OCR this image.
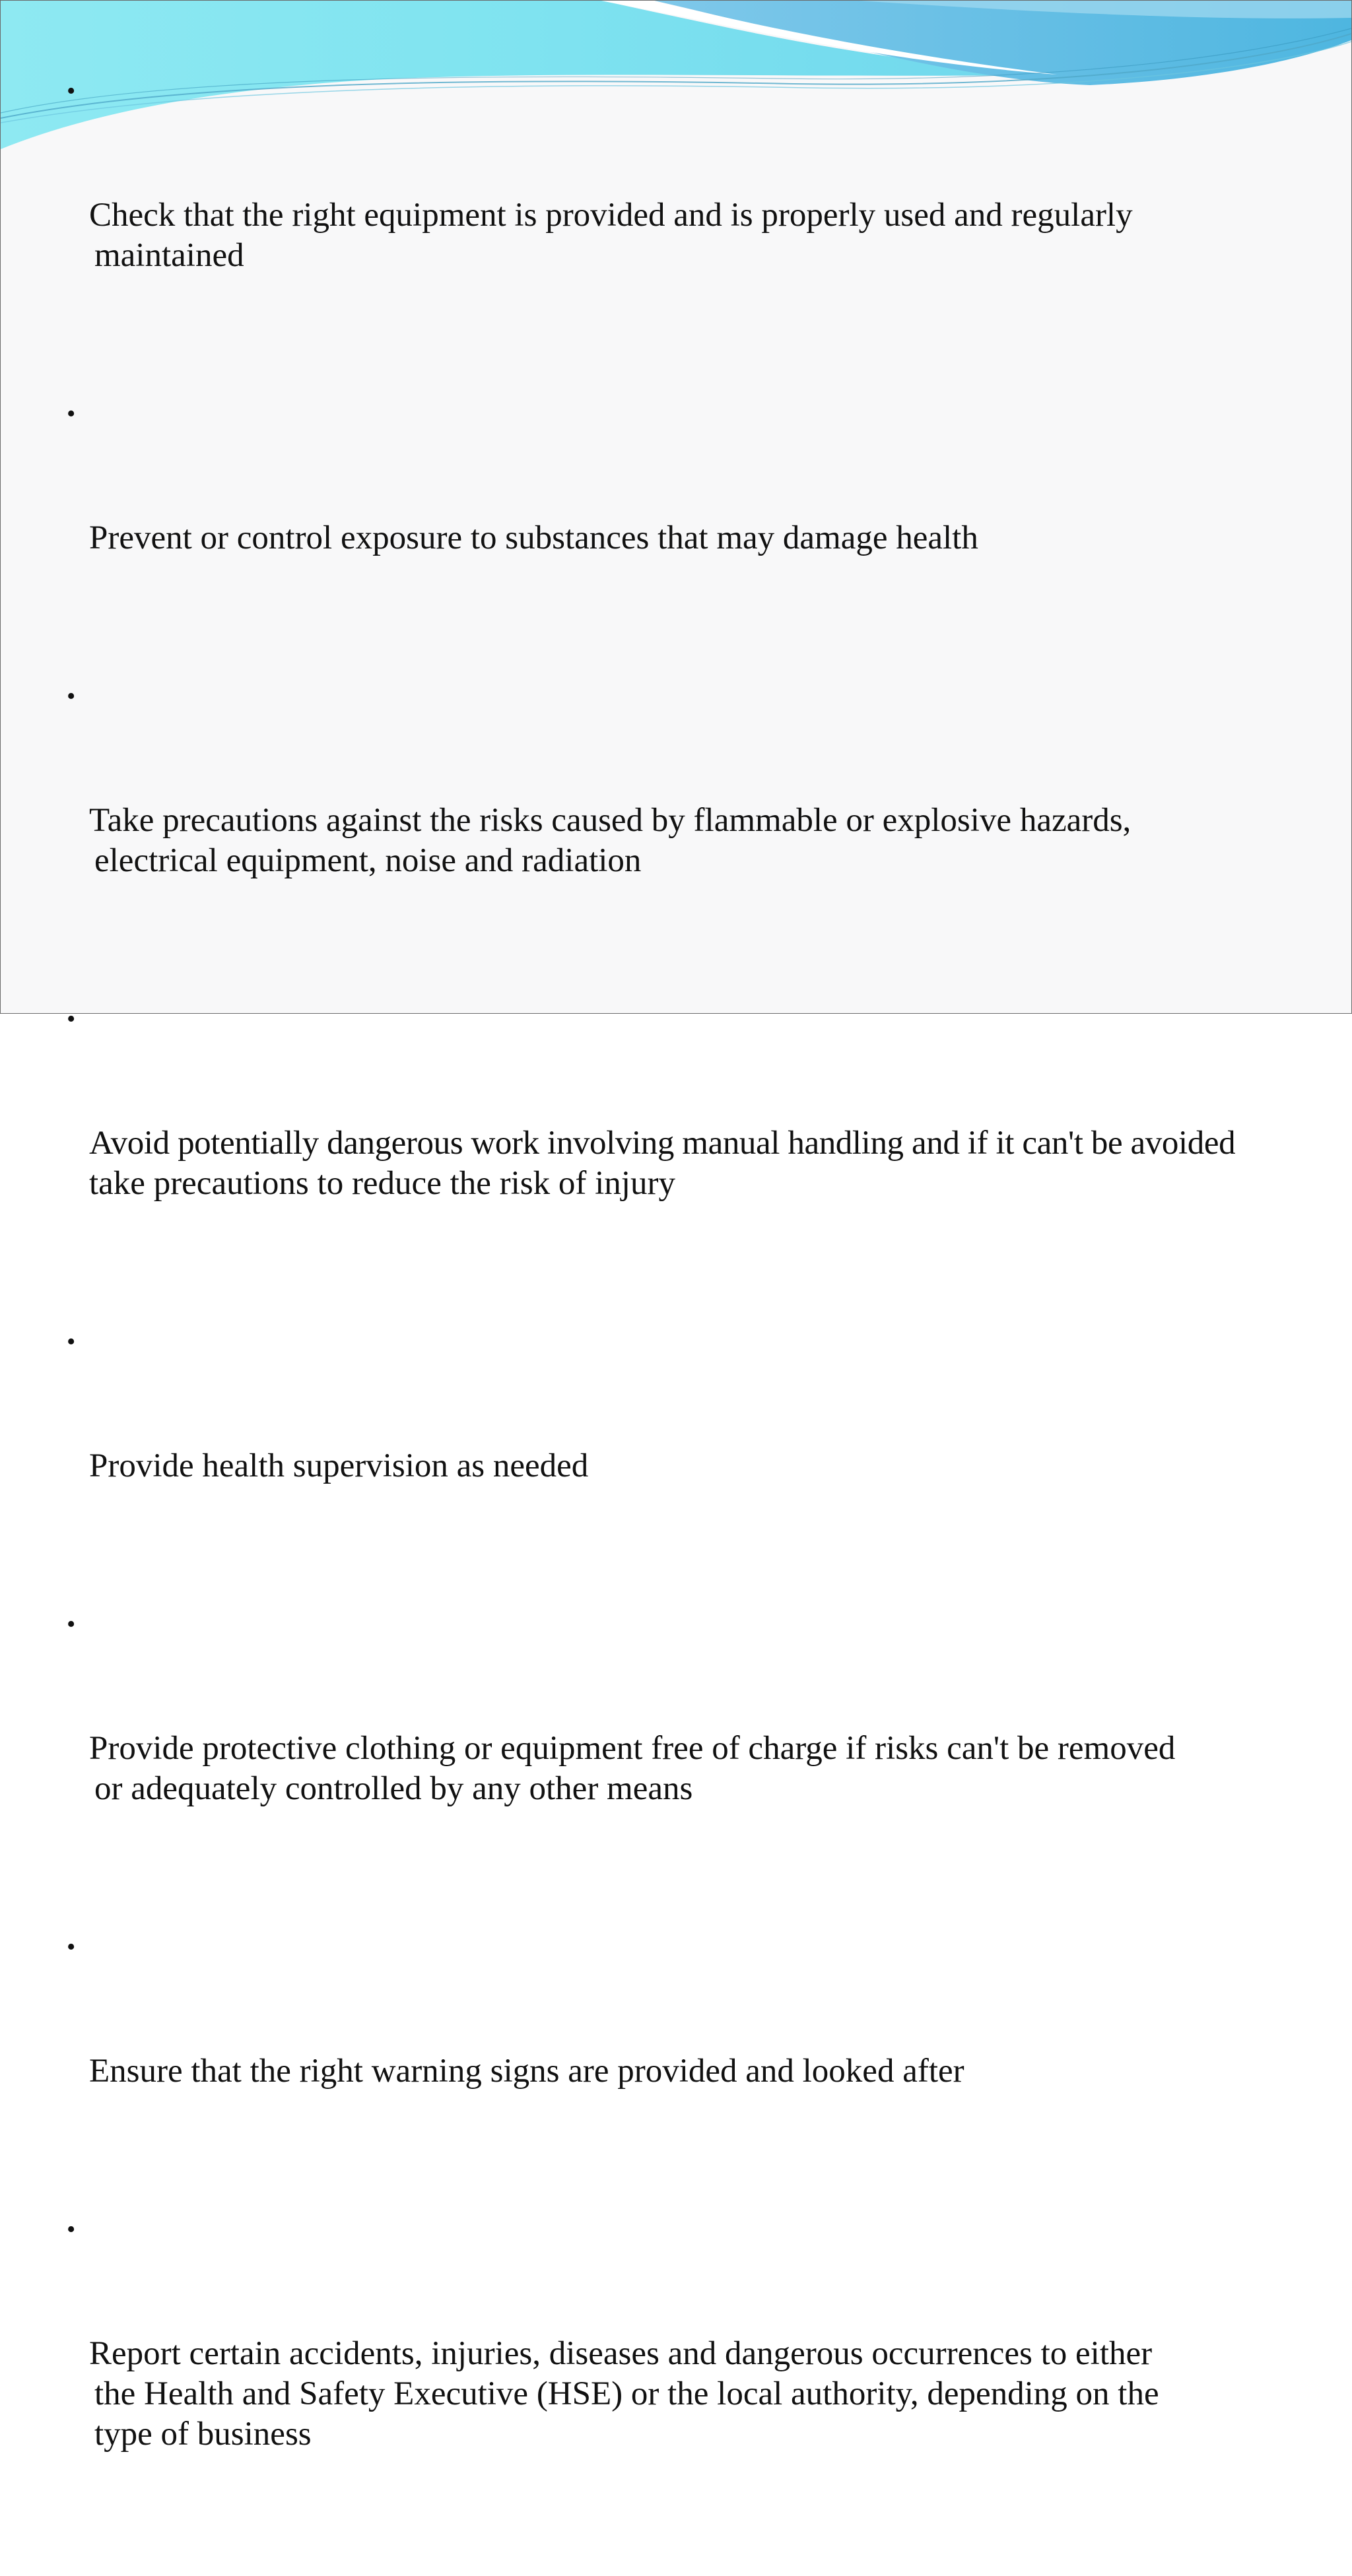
•

Check that the right equipment is provided and is properly used and regularly
maintained

•

Prevent or control exposure to substances that may damage health

•

Take precautions against the risks caused by flammable or explosive hazards,
electrical equipment, noise and radiation

•

Avoid potentially dangerous work involving manual handling and if it can't be avoided
take precautions to reduce the risk of injury

•

Provide health supervision as needed

•

Provide protective clothing or equipment free of charge if risks can't be removed
or adequately controlled by any other means

•

Ensure that the right warning signs are provided and looked after

•

Report certain accidents, injuries, diseases and dangerous occurrences to either
the Health and Safety Executive (HSE) or the local authority, depending on the
type of business
